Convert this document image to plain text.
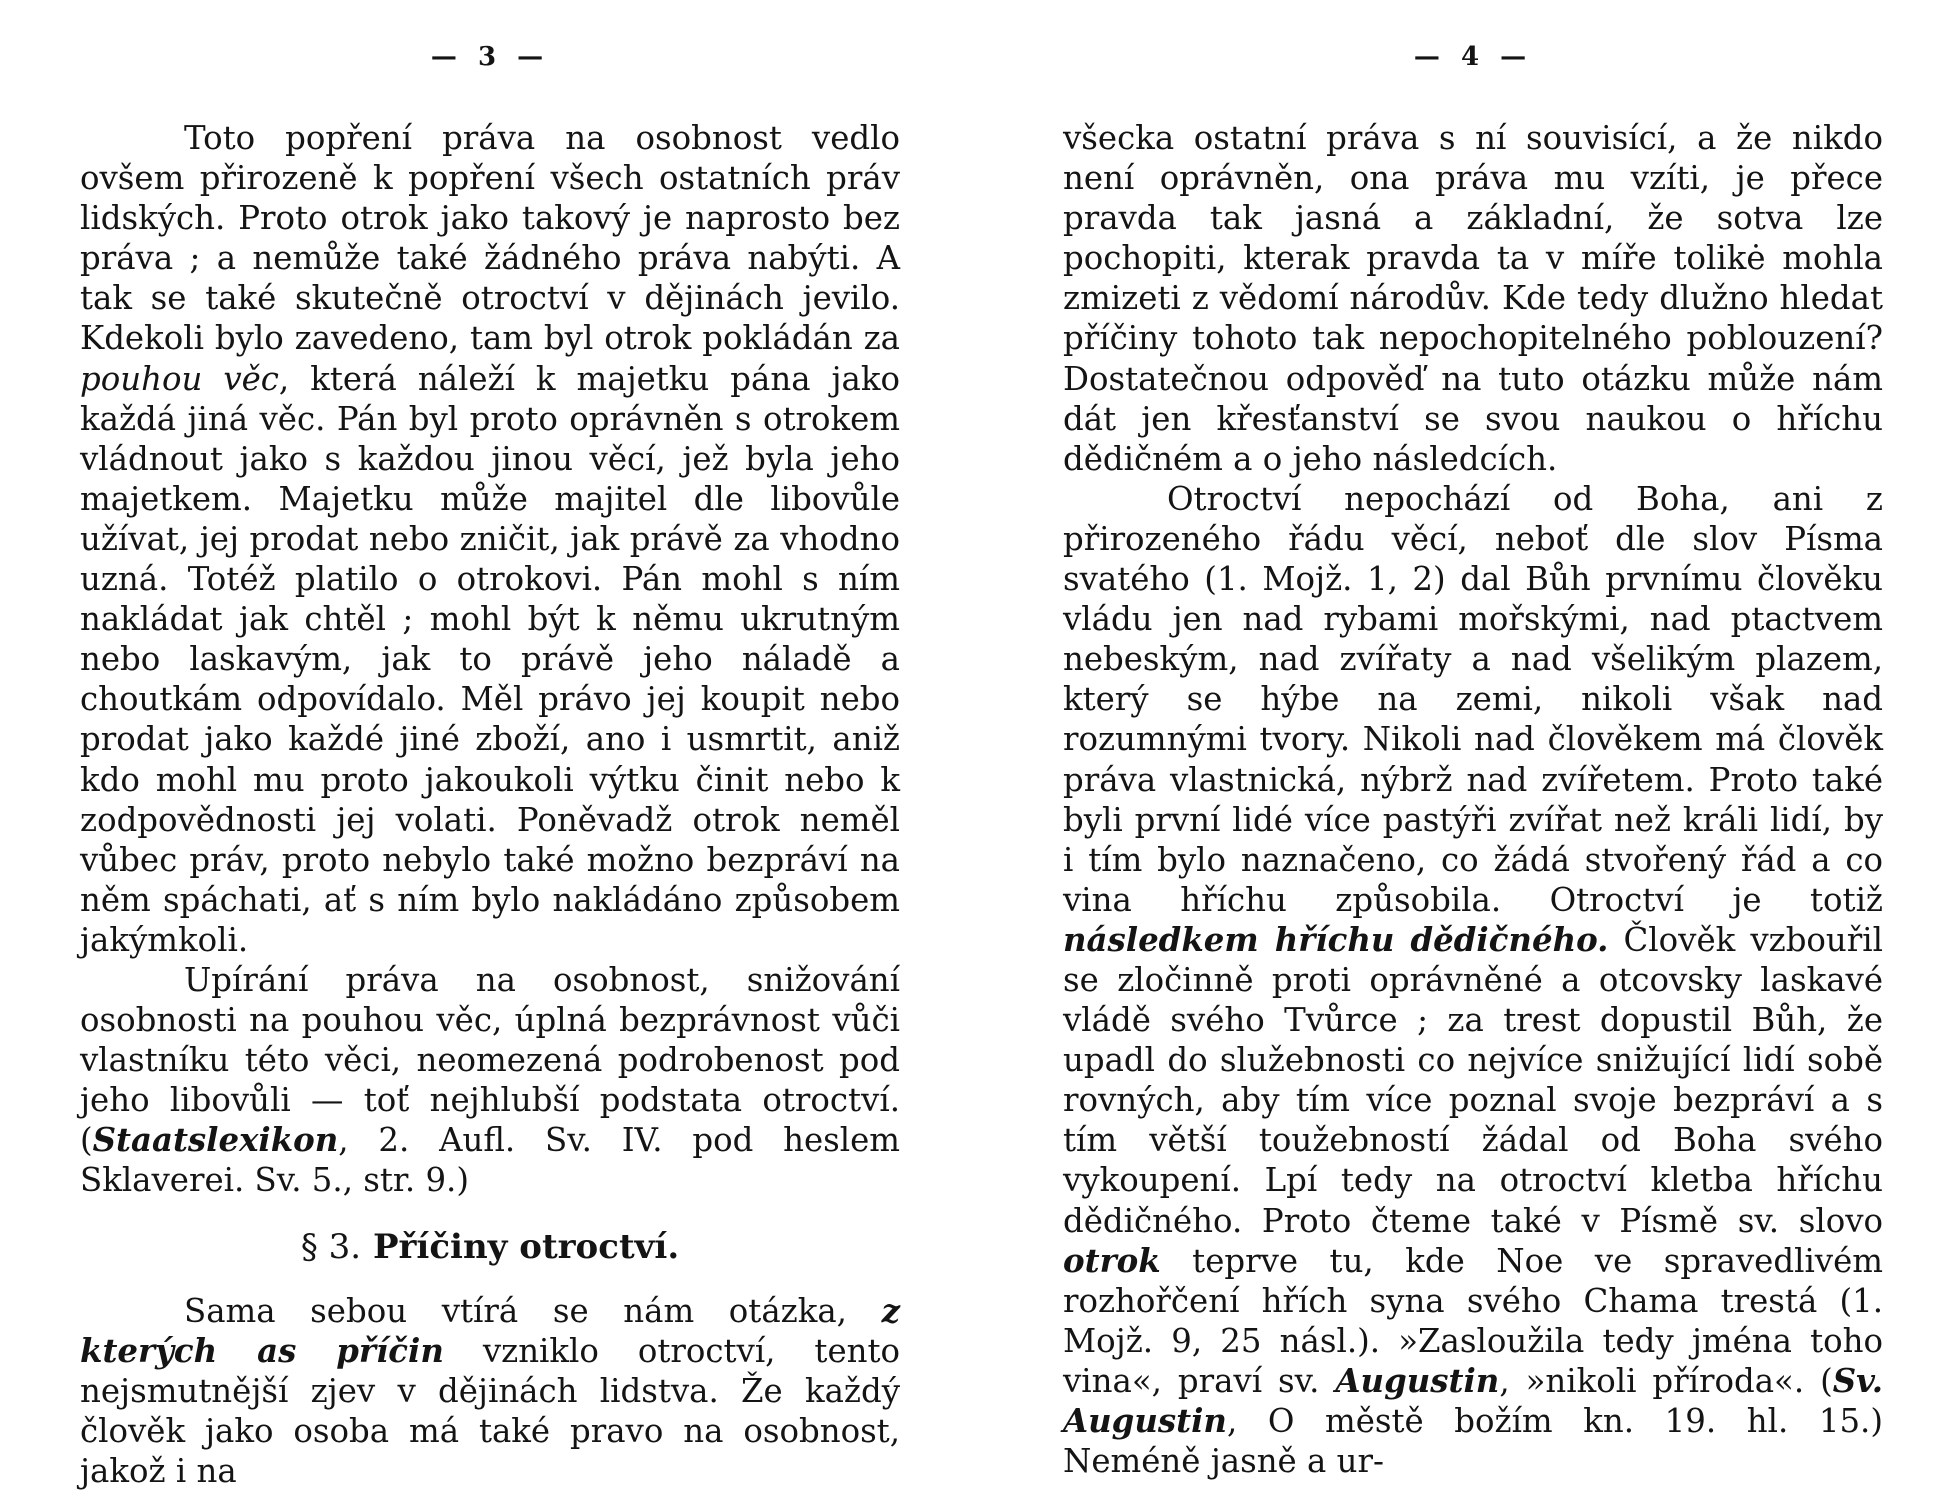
— 3 —

Toto popření práva na osobnost vedlo ovšem přirozeně k popření všech ostatních práv lidských. Proto otrok jako takový je naprosto bez práva ; a nemůže také žádného práva nabýti. A tak se také skutečně otroctví v dějinách jevilo. Kdekoli bylo zavedeno, tam byl otrok pokládán za pouhou věc, která náleží k majetku pána jako každá jiná věc. Pán byl proto oprávněn s otrokem vládnout jako s každou jinou věcí, jež byla jeho majetkem. Majetku může majitel dle libovůle užívat, jej prodat nebo zničit, jak právě za vhodno uzná. Totéž platilo o otrokovi. Pán mohl s ním nakládat jak chtěl ; mohl být k němu ukrutným nebo laskavým, jak to právě jeho náladě a choutkám odpovídalo. Měl právo jej koupit nebo prodat jako každé jiné zboží, ano i usmrtit, aniž kdo mohl mu proto jakoukoli výtku činit nebo k zodpovědnosti jej volati. Poněvadž otrok neměl vůbec práv, proto nebylo také možno bezpráví na něm spáchati, ať s ním bylo nakládáno způsobem jakýmkoli.

Upírání práva na osobnost, snižování osobnosti na pouhou věc, úplná bezprávnost vůči vlastníku této věci, neomezená podrobenost pod jeho libovůli — toť nejhlubší podstata otroctví. (Staatslexikon, 2. Aufl. Sv. IV. pod heslem Sklaverei. Sv. 5., str. 9.)

§ 3. Příčiny otroctví.

Sama sebou vtírá se nám otázka, z kterých as příčin vzniklo otroctví, tento nejsmutnější zjev v dějinách lidstva. Že každý člověk jako osoba má také pravo na osobnost, jakož i na

— 4 —

všecka ostatní práva s ní souvisící, a že nikdo není oprávněn, ona práva mu vzíti, je přece pravda tak jasná a základní, že sotva lze pochopiti, kterak pravda ta v míře tolikė mohla zmizeti z vědomí národův. Kde tedy dlužno hledat příčiny tohoto tak nepochopitelného poblouzení? Dostatečnou odpověď na tuto otázku může nám dát jen křesťanství se svou naukou o hříchu dědičném a o jeho následcích.

Otroctví nepochází od Boha, ani z přirozeného řádu věcí, neboť dle slov Písma svatého (1. Mojž. 1, 2) dal Bůh prvnímu člověku vládu jen nad rybami mořskými, nad ptactvem nebeským, nad zvířaty a nad všelikým plazem, který se hýbe na zemi, nikoli však nad rozumnými tvory. Nikoli nad člověkem má člověk práva vlastnická, nýbrž nad zvířetem. Proto také byli první lidé více pastýři zvířat než králi lidí, by i tím bylo naznačeno, co žádá stvořený řád a co vina hříchu způsobila. Otroctví je totiž následkem hříchu dědičného. Člověk vzbouřil se zločinně proti oprávněné a otcovsky laskavé vládě svého Tvůrce ; za trest dopustil Bůh, že upadl do služebnosti co nejvíce snižující lidí sobě rovných, aby tím více poznal svoje bezpráví a s tím větší toužebností žádal od Boha svého vykoupení. Lpí tedy na otroctví kletba hříchu dědičného. Proto čteme také v Písmě sv. slovo otrok teprve tu, kde Noe ve spravedlivém rozhořčení hřích syna svého Chama trestá (1. Mojž. 9, 25 násl.). »Zasloužila tedy jména toho vina«, praví sv. Augustin, »nikoli příroda«. (Sv. Augustin, O městě božím kn. 19. hl. 15.) Neméně jasně a ur-
